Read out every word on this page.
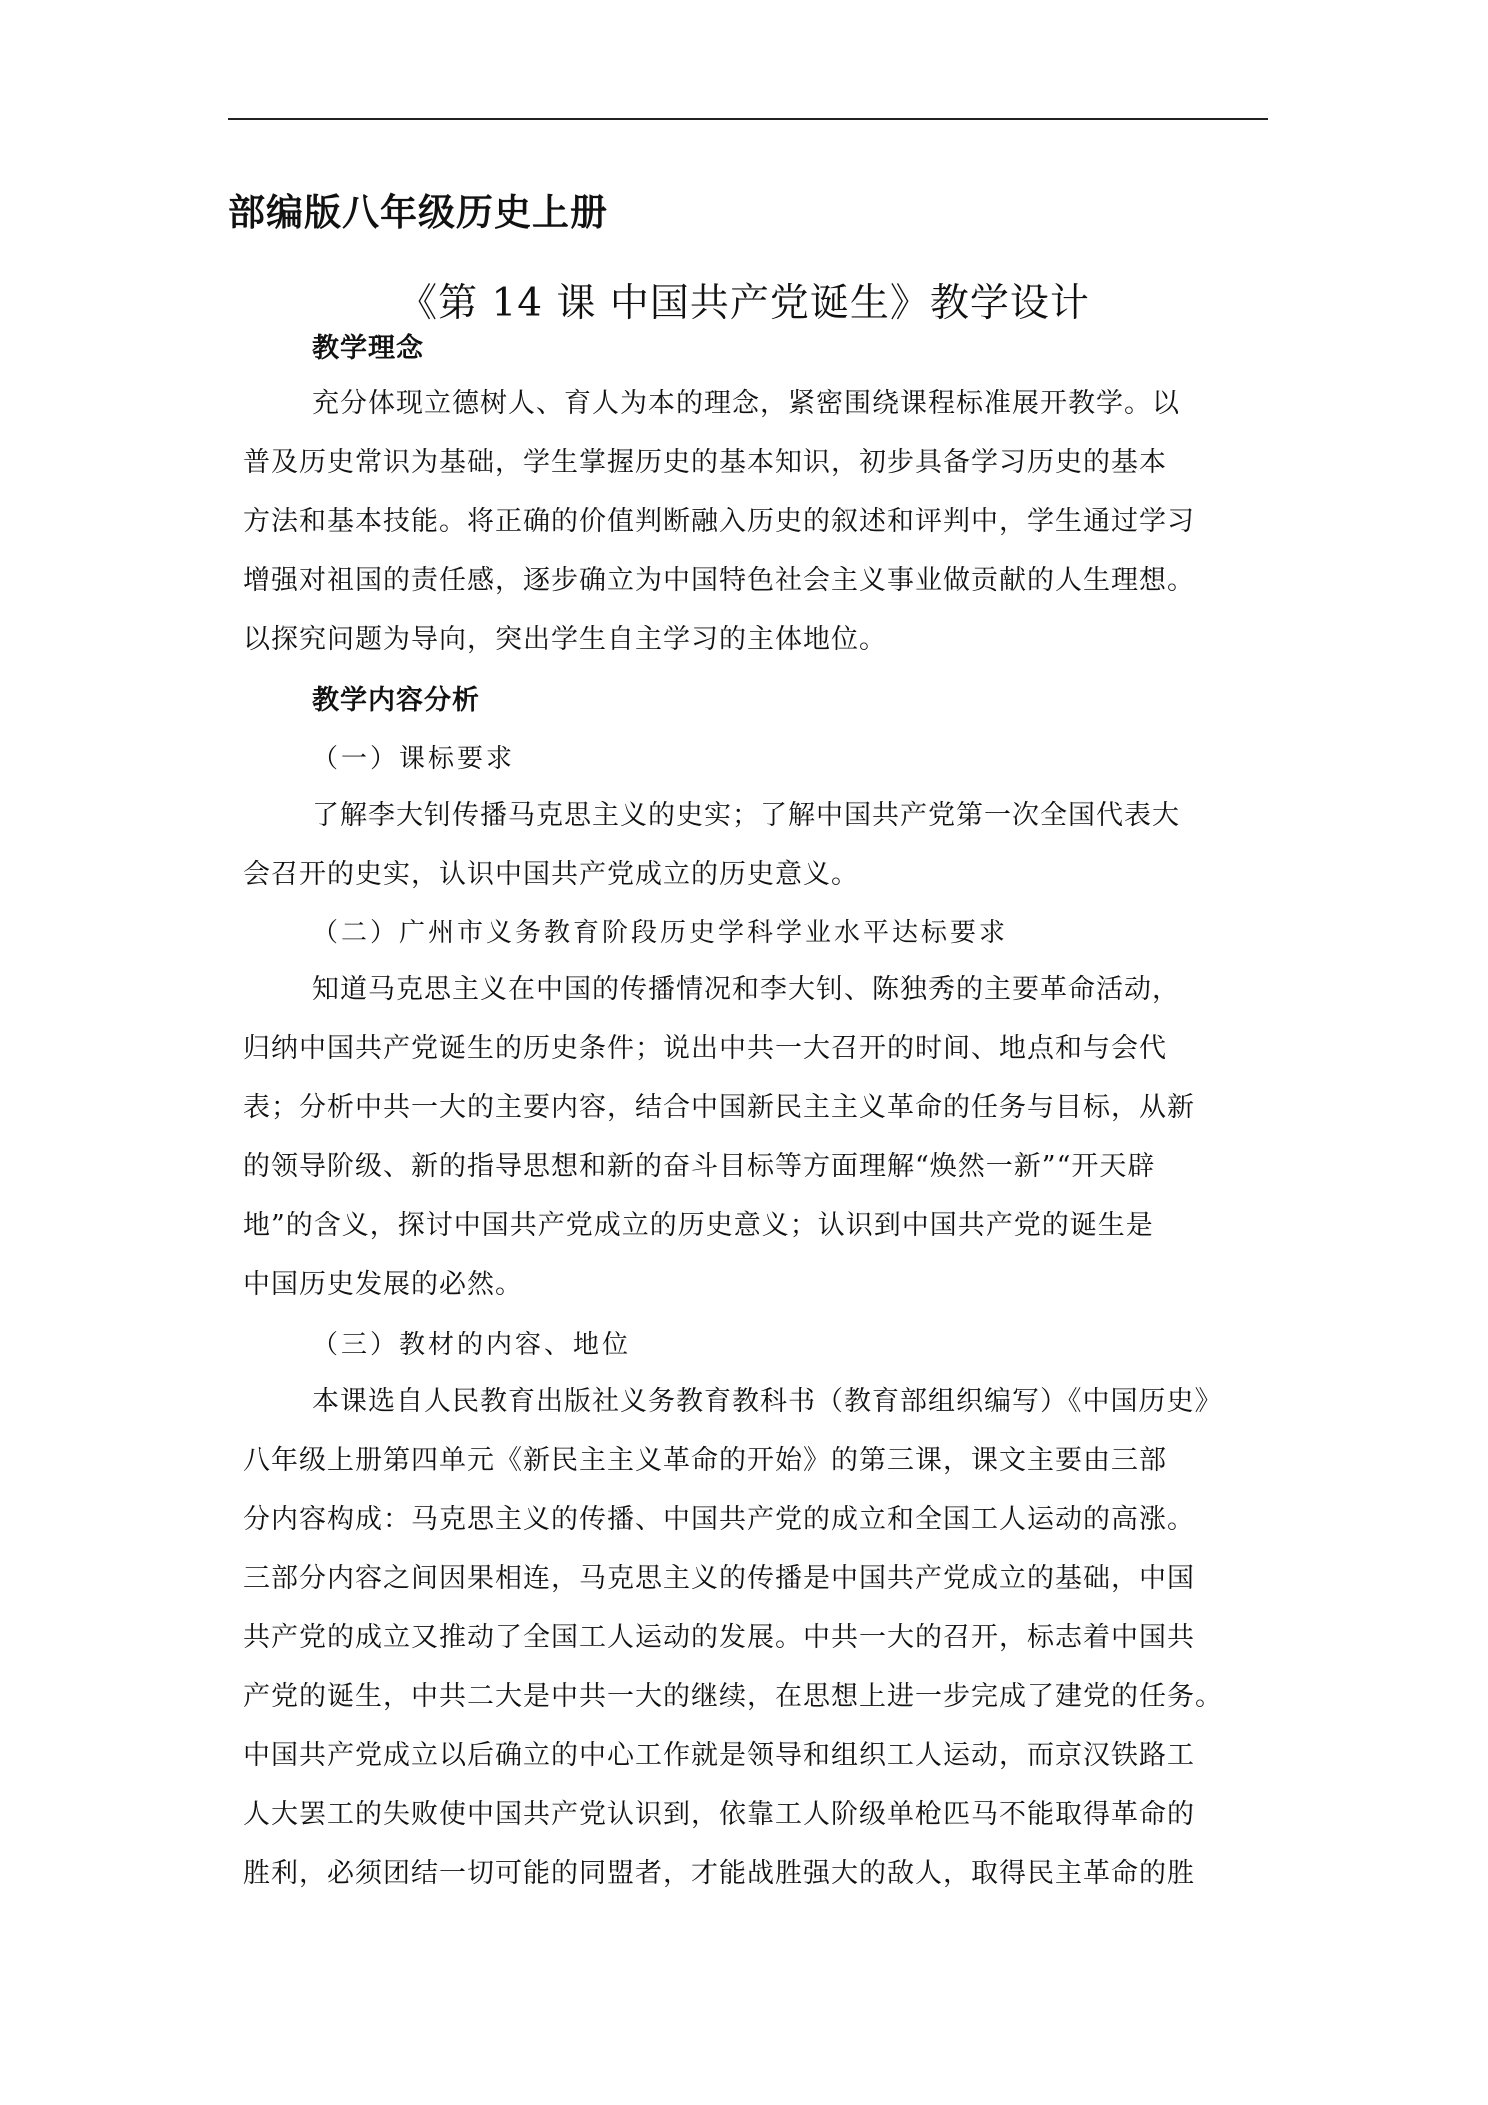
部编版八年级历史上册
《第 14 课 中国共产党诞生》教学设计
教学理念
充分体现立德树人、育人为本的理念，紧密围绕课程标准展开教学。以
普及历史常识为基础，学生掌握历史的基本知识，初步具备学习历史的基本
方法和基本技能。将正确的价值判断融入历史的叙述和评判中，学生通过学习
增强对祖国的责任感，逐步确立为中国特色社会主义事业做贡献的人生理想。
以探究问题为导向，突出学生自主学习的主体地位。
教学内容分析
（一）课标要求
了解李大钊传播马克思主义的史实；了解中国共产党第一次全国代表大
会召开的史实，认识中国共产党成立的历史意义。
（二）广州市义务教育阶段历史学科学业水平达标要求
知道马克思主义在中国的传播情况和李大钊、陈独秀的主要革命活动，
归纳中国共产党诞生的历史条件；说出中共一大召开的时间、地点和与会代
表；分析中共一大的主要内容，结合中国新民主主义革命的任务与目标，从新
的领导阶级、新的指导思想和新的奋斗目标等方面理解“焕然一新”“开天辟
地”的含义，探讨中国共产党成立的历史意义；认识到中国共产党的诞生是
中国历史发展的必然。
（三）教材的内容、地位
本课选自人民教育出版社义务教育教科书（教育部组织编写）《中国历史》
八年级上册第四单元《新民主主义革命的开始》的第三课，课文主要由三部
分内容构成：马克思主义的传播、中国共产党的成立和全国工人运动的高涨。
三部分内容之间因果相连，马克思主义的传播是中国共产党成立的基础，中国
共产党的成立又推动了全国工人运动的发展。中共一大的召开，标志着中国共
产党的诞生，中共二大是中共一大的继续，在思想上进一步完成了建党的任务。
中国共产党成立以后确立的中心工作就是领导和组织工人运动，而京汉铁路工
人大罢工的失败使中国共产党认识到，依靠工人阶级单枪匹马不能取得革命的
胜利，必须团结一切可能的同盟者，才能战胜强大的敌人，取得民主革命的胜
